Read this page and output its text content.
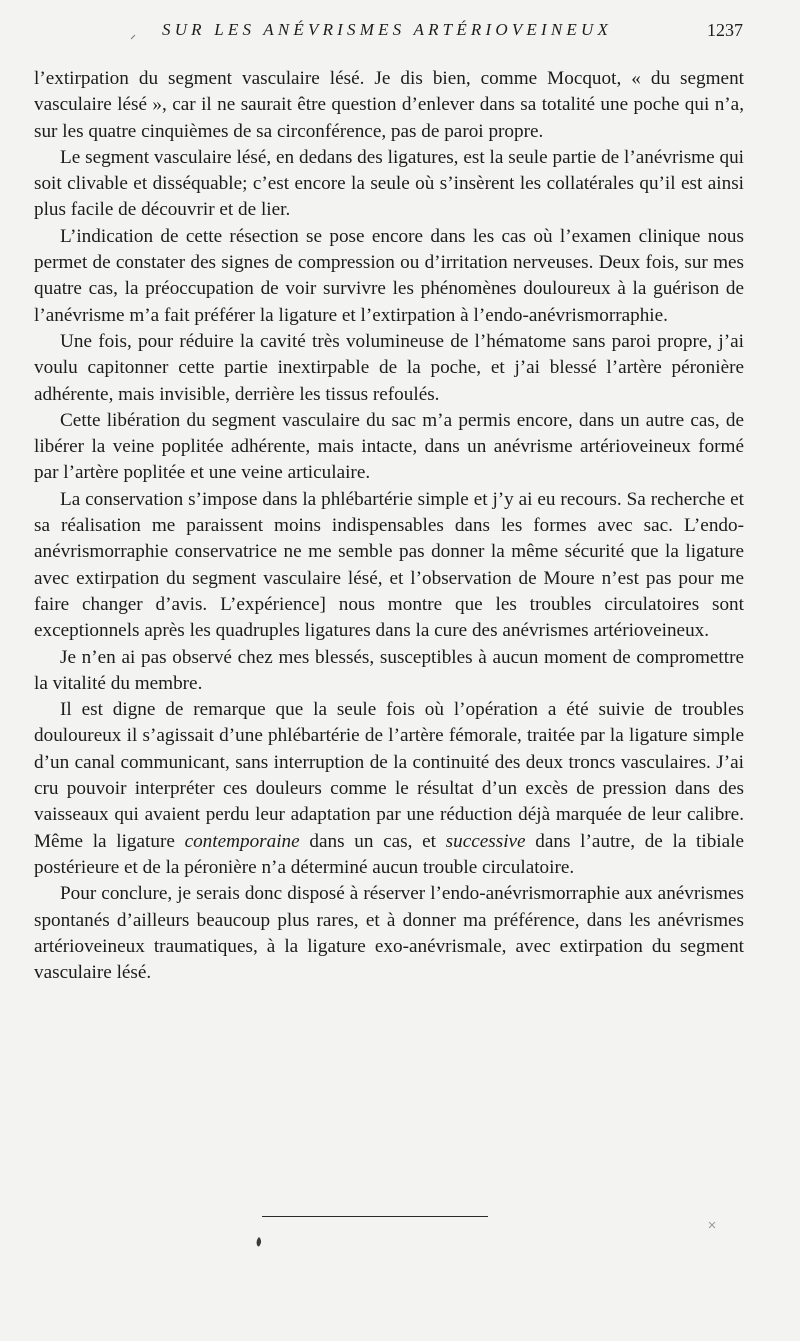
SUR LES ANÉVRISMES ARTÉRIOVEINEUX	1237

l’extirpation du segment vasculaire lésé. Je dis bien, comme Mocquot, « du segment vasculaire lésé », car il ne saurait être question d’enlever dans sa totalité une poche qui n’a, sur les quatre cinquièmes de sa circonférence, pas de paroi propre.

Le segment vasculaire lésé, en dedans des ligatures, est la seule partie de l’anévrisme qui soit clivable et disséquable; c’est encore la seule où s’insèrent les collatérales qu’il est ainsi plus facile de découvrir et de lier.

L’indication de cette résection se pose encore dans les cas où l’examen clinique nous permet de constater des signes de compression ou d’irritation nerveuses. Deux fois, sur mes quatre cas, la préoccupation de voir survivre les phénomènes douloureux à la guérison de l’anévrisme m’a fait préférer la ligature et l’extirpation à l’endo-anévrismorraphie.

Une fois, pour réduire la cavité très volumineuse de l’hématome sans paroi propre, j’ai voulu capitonner cette partie inextirpable de la poche, et j’ai blessé l’artère péronière adhérente, mais invisible, derrière les tissus refoulés.

Cette libération du segment vasculaire du sac m’a permis encore, dans un autre cas, de libérer la veine poplitée adhérente, mais intacte, dans un anévrisme artérioveineux formé par l’artère poplitée et une veine articulaire.

La conservation s’impose dans la phlébartérie simple et j’y ai eu recours. Sa recherche et sa réalisation me paraissent moins indispensables dans les formes avec sac. L’endo-anévrismorraphie conservatrice ne me semble pas donner la même sécurité que la ligature avec extirpation du segment vasculaire lésé, et l’observation de Moure n’est pas pour me faire changer d’avis. L’expérience] nous montre que les troubles circulatoires sont exceptionnels après les quadruples ligatures dans la cure des anévrismes artérioveineux.

Je n’en ai pas observé chez mes blessés, susceptibles à aucun moment de compromettre la vitalité du membre.

Il est digne de remarque que la seule fois où l’opération a été suivie de troubles douloureux il s’agissait d’une phlébartérie de l’artère fémorale, traitée par la ligature simple d’un canal communicant, sans interruption de la continuité des deux troncs vasculaires. J’ai cru pouvoir interpréter ces douleurs comme le résultat d’un excès de pression dans des vaisseaux qui avaient perdu leur adaptation par une réduction déjà marquée de leur calibre. Même la ligature contemporaine dans un cas, et successive dans l’autre, de la tibiale postérieure et de la péronière n’a déterminé aucun trouble circulatoire.

Pour conclure, je serais donc disposé à réserver l’endo-anévrismorraphie aux anévrismes spontanés d’ailleurs beaucoup plus rares, et à donner ma préférence, dans les anévrismes artérioveineux traumatiques, à la ligature exo-anévrismale, avec extirpation du segment vasculaire lésé.
